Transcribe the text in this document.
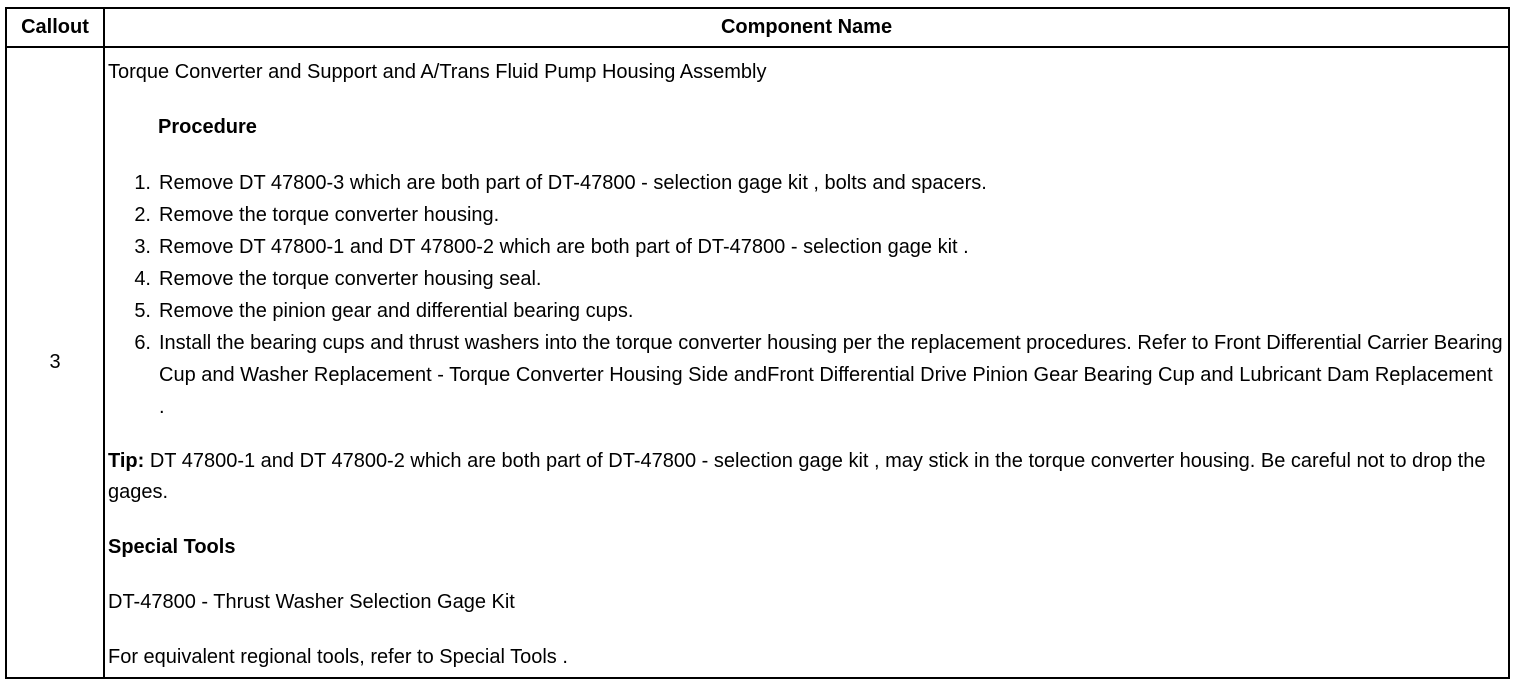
Callout	Component Name
3

Torque Converter and Support and A/Trans Fluid Pump Housing Assembly

Procedure

1. Remove DT 47800-3 which are both part of DT-47800 - selection gage kit , bolts and spacers.
2. Remove the torque converter housing.
3. Remove DT 47800-1 and DT 47800-2 which are both part of DT-47800 - selection gage kit .
4. Remove the torque converter housing seal.
5. Remove the pinion gear and differential bearing cups.
6. Install the bearing cups and thrust washers into the torque converter housing per the replacement procedures. Refer to Front Differential Carrier Bearing Cup and Washer Replacement - Torque Converter Housing Side andFront Differential Drive Pinion Gear Bearing Cup and Lubricant Dam Replacement .

Tip: DT 47800-1 and DT 47800-2 which are both part of DT-47800 - selection gage kit , may stick in the torque converter housing. Be careful not to drop the gages.

Special Tools

DT-47800 - Thrust Washer Selection Gage Kit

For equivalent regional tools, refer to Special Tools .
